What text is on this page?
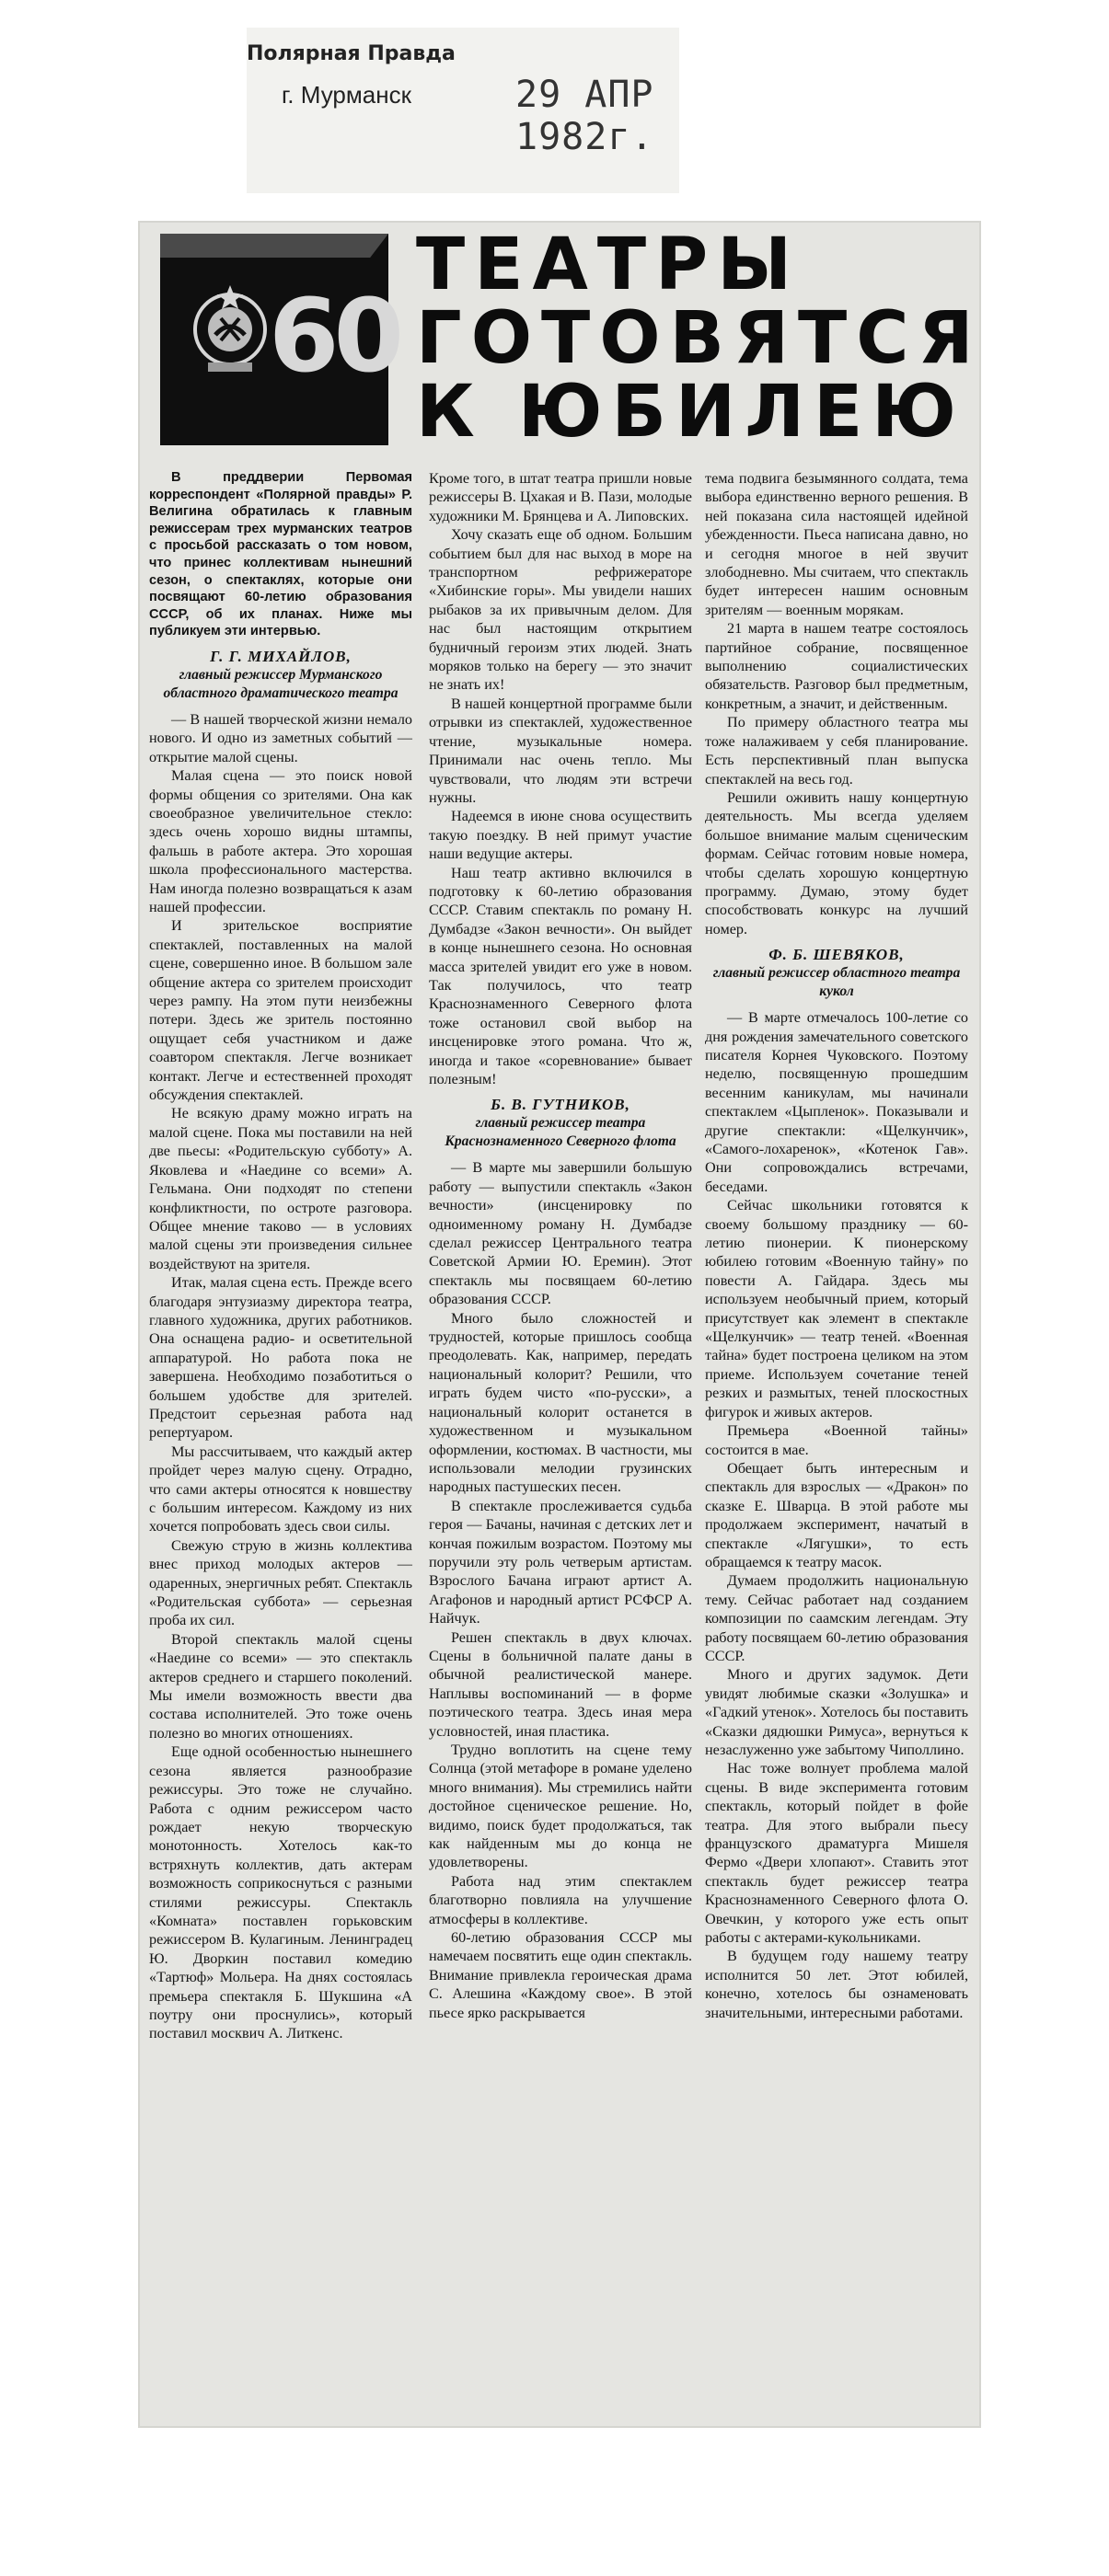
Полярная Правда
г. Мурманск	29 АПР 1982г.
60
ТЕАТРЫ
ГОТОВЯТСЯ
К ЮБИЛЕЮ

В преддверии Первомая корреспондент «Полярной правды» Р. Велигина обратилась к главным режиссерам трех мурманских театров с просьбой рассказать о том новом, что принес коллективам нынешний сезон, о спектаклях, которые они посвящают 60-летию образования СССР, об их планах. Ниже мы публикуем эти интервью.

Г. Г. МИХАЙЛОВ,
главный режиссер Мурманского областного драматического театра

— В нашей творческой жизни немало нового. И одно из заметных событий — открытие малой сцены.

Малая сцена — это поиск новой формы общения со зрителями. Она как своеобразное увеличительное стекло: здесь очень хорошо видны штампы, фальшь в работе актера. Это хорошая школа профессионального мастерства. Нам иногда полезно возвращаться к азам нашей профессии.

И зрительское восприятие спектаклей, поставленных на малой сцене, совершенно иное. В большом зале общение актера со зрителем происходит через рампу. На этом пути неизбежны потери. Здесь же зритель постоянно ощущает себя участником и даже соавтором спектакля. Легче возникает контакт. Легче и естественней проходят обсуждения спектаклей.

Не всякую драму можно играть на малой сцене. Пока мы поставили на ней две пьесы: «Родительскую субботу» А. Яковлева и «Наедине со всеми» А. Гельмана. Они подходят по степени конфликтности, по остроте разговора. Общее мнение таково — в условиях малой сцены эти произведения сильнее воздействуют на зрителя.

Итак, малая сцена есть. Прежде всего благодаря энтузиазму директора театра, главного художника, других работников. Она оснащена радио- и осветительной аппаратурой. Но работа пока не завершена. Необходимо позаботиться о большем удобстве для зрителей. Предстоит серьезная работа над репертуаром.

Мы рассчитываем, что каждый актер пройдет через малую сцену. Отрадно, что сами актеры относятся к новшеству с большим интересом. Каждому из них хочется попробовать здесь свои силы.

Свежую струю в жизнь коллектива внес приход молодых актеров — одаренных, энергичных ребят. Спектакль «Родительская суббота» — серьезная проба их сил.

Второй спектакль малой сцены «Наедине со всеми» — это спектакль актеров среднего и старшего поколений. Мы имели возможность ввести два состава исполнителей. Это тоже очень полезно во многих отношениях.

Еще одной особенностью нынешнего сезона является разнообразие режиссуры. Это тоже не случайно. Работа с одним режиссером часто рождает некую творческую монотонность. Хотелось как-то встряхнуть коллектив, дать актерам возможность соприкоснуться с разными стилями режиссуры. Спектакль «Комната» поставлен горьковским режиссером В. Кулагиным. Ленинградец Ю. Дворкин поставил комедию «Тартюф» Мольера. На днях состоялась премьера спектакля Б. Шукшина «А поутру они проснулись», который поставил москвич А. Литкенс.

Кроме того, в штат театра пришли новые режиссеры В. Цхакая и В. Пази, молодые художники М. Брянцева и А. Липовских.

Хочу сказать еще об одном. Большим событием был для нас выход в море на транспортном рефрижераторе «Хибинские горы». Мы увидели наших рыбаков за их привычным делом. Для нас был настоящим открытием будничный героизм этих людей. Знать моряков только на берегу — это значит не знать их!

В нашей концертной программе были отрывки из спектаклей, художественное чтение, музыкальные номера. Принимали нас очень тепло. Мы чувствовали, что людям эти встречи нужны.

Надеемся в июне снова осуществить такую поездку. В ней примут участие наши ведущие актеры.

Наш театр активно включился в подготовку к 60-летию образования СССР. Ставим спектакль по роману Н. Думбадзе «Закон вечности». Он выйдет в конце нынешнего сезона. Но основная масса зрителей увидит его уже в новом. Так получилось, что театр Краснознаменного Северного флота тоже остановил свой выбор на инсценировке этого романа. Что ж, иногда и такое «соревнование» бывает полезным!

Б. В. ГУТНИКОВ,
главный режиссер театра Краснознаменного Северного флота

— В марте мы завершили большую работу — выпустили спектакль «Закон вечности» (инсценировку по одноименному роману Н. Думбадзе сделал режиссер Центрального театра Советской Армии Ю. Еремин). Этот спектакль мы посвящаем 60-летию образования СССР.

Много было сложностей и трудностей, которые пришлось сообща преодолевать. Как, например, передать национальный колорит? Решили, что играть будем чисто «по-русски», а национальный колорит останется в художественном и музыкальном оформлении, костюмах. В частности, мы использовали мелодии грузинских народных пастушеских песен.

В спектакле прослеживается судьба героя — Бачаны, начиная с детских лет и кончая пожилым возрастом. Поэтому мы поручили эту роль четверым артистам. Взрослого Бачана играют артист А. Агафонов и народный артист РСФСР А. Найчук.

Решен спектакль в двух ключах. Сцены в больничной палате даны в обычной реалистической манере. Наплывы воспоминаний — в форме поэтического театра. Здесь иная мера условностей, иная пластика.

Трудно воплотить на сцене тему Солнца (этой метафоре в романе уделено много внимания). Мы стремились найти достойное сценическое решение. Но, видимо, поиск будет продолжаться, так как найденным мы до конца не удовлетворены.

Работа над этим спектаклем благотворно повлияла на улучшение атмосферы в коллективе.

60-летию образования СССР мы намечаем посвятить еще один спектакль. Внимание привлекла героическая драма С. Алешина «Каждому свое». В этой пьесе ярко раскрывается

тема подвига безымянного солдата, тема выбора единственно верного решения. В ней показана сила настоящей идейной убежденности. Пьеса написана давно, но и сегодня многое в ней звучит злободневно. Мы считаем, что спектакль будет интересен нашим основным зрителям — военным морякам.

21 марта в нашем театре состоялось партийное собрание, посвященное выполнению социалистических обязательств. Разговор был предметным, конкретным, а значит, и действенным.

По примеру областного театра мы тоже налаживаем у себя планирование. Есть перспективный план выпуска спектаклей на весь год.

Решили оживить нашу концертную деятельность. Мы всегда уделяем большое внимание малым сценическим формам. Сейчас готовим новые номера, чтобы сделать хорошую концертную программу. Думаю, этому будет способствовать конкурс на лучший номер.

Ф. Б. ШЕВЯКОВ,
главный режиссер областного театра кукол

— В марте отмечалось 100-летие со дня рождения замечательного советского писателя Корнея Чуковского. Поэтому неделю, посвященную прошедшим весенним каникулам, мы начинали спектаклем «Цыпленок». Показывали и другие спектакли: «Щелкунчик», «Самого-лохаренок», «Котенок Гав». Они сопровождались встречами, беседами.

Сейчас школьники готовятся к своему большому празднику — 60-летию пионерии. К пионерскому юбилею готовим «Военную тайну» по повести А. Гайдара. Здесь мы используем необычный прием, который присутствует как элемент в спектакле «Щелкунчик» — театр теней. «Военная тайна» будет построена целиком на этом приеме. Используем сочетание теней резких и размытых, теней плоскостных фигурок и живых актеров.

Премьера «Военной тайны» состоится в мае.

Обещает быть интересным и спектакль для взрослых — «Дракон» по сказке Е. Шварца. В этой работе мы продолжаем эксперимент, начатый в спектакле «Лягушки», то есть обращаемся к театру масок.

Думаем продолжить национальную тему. Сейчас работает над созданием композиции по саамским легендам. Эту работу посвящаем 60-летию образования СССР.

Много и других задумок. Дети увидят любимые сказки «Золушка» и «Гадкий утенок». Хотелось бы поставить «Сказки дядюшки Римуса», вернуться к незаслуженно уже забытому Чиполлино.

Нас тоже волнует проблема малой сцены. В виде эксперимента готовим спектакль, который пойдет в фойе театра. Для этого выбрали пьесу французского драматурга Мишеля Фермо «Двери хлопают». Ставить этот спектакль будет режиссер театра Краснознаменного Северного флота О. Овечкин, у которого уже есть опыт работы с актерами-кукольниками.

В будущем году нашему театру исполнится 50 лет. Этот юбилей, конечно, хотелось бы ознаменовать значительными, интересными работами.
